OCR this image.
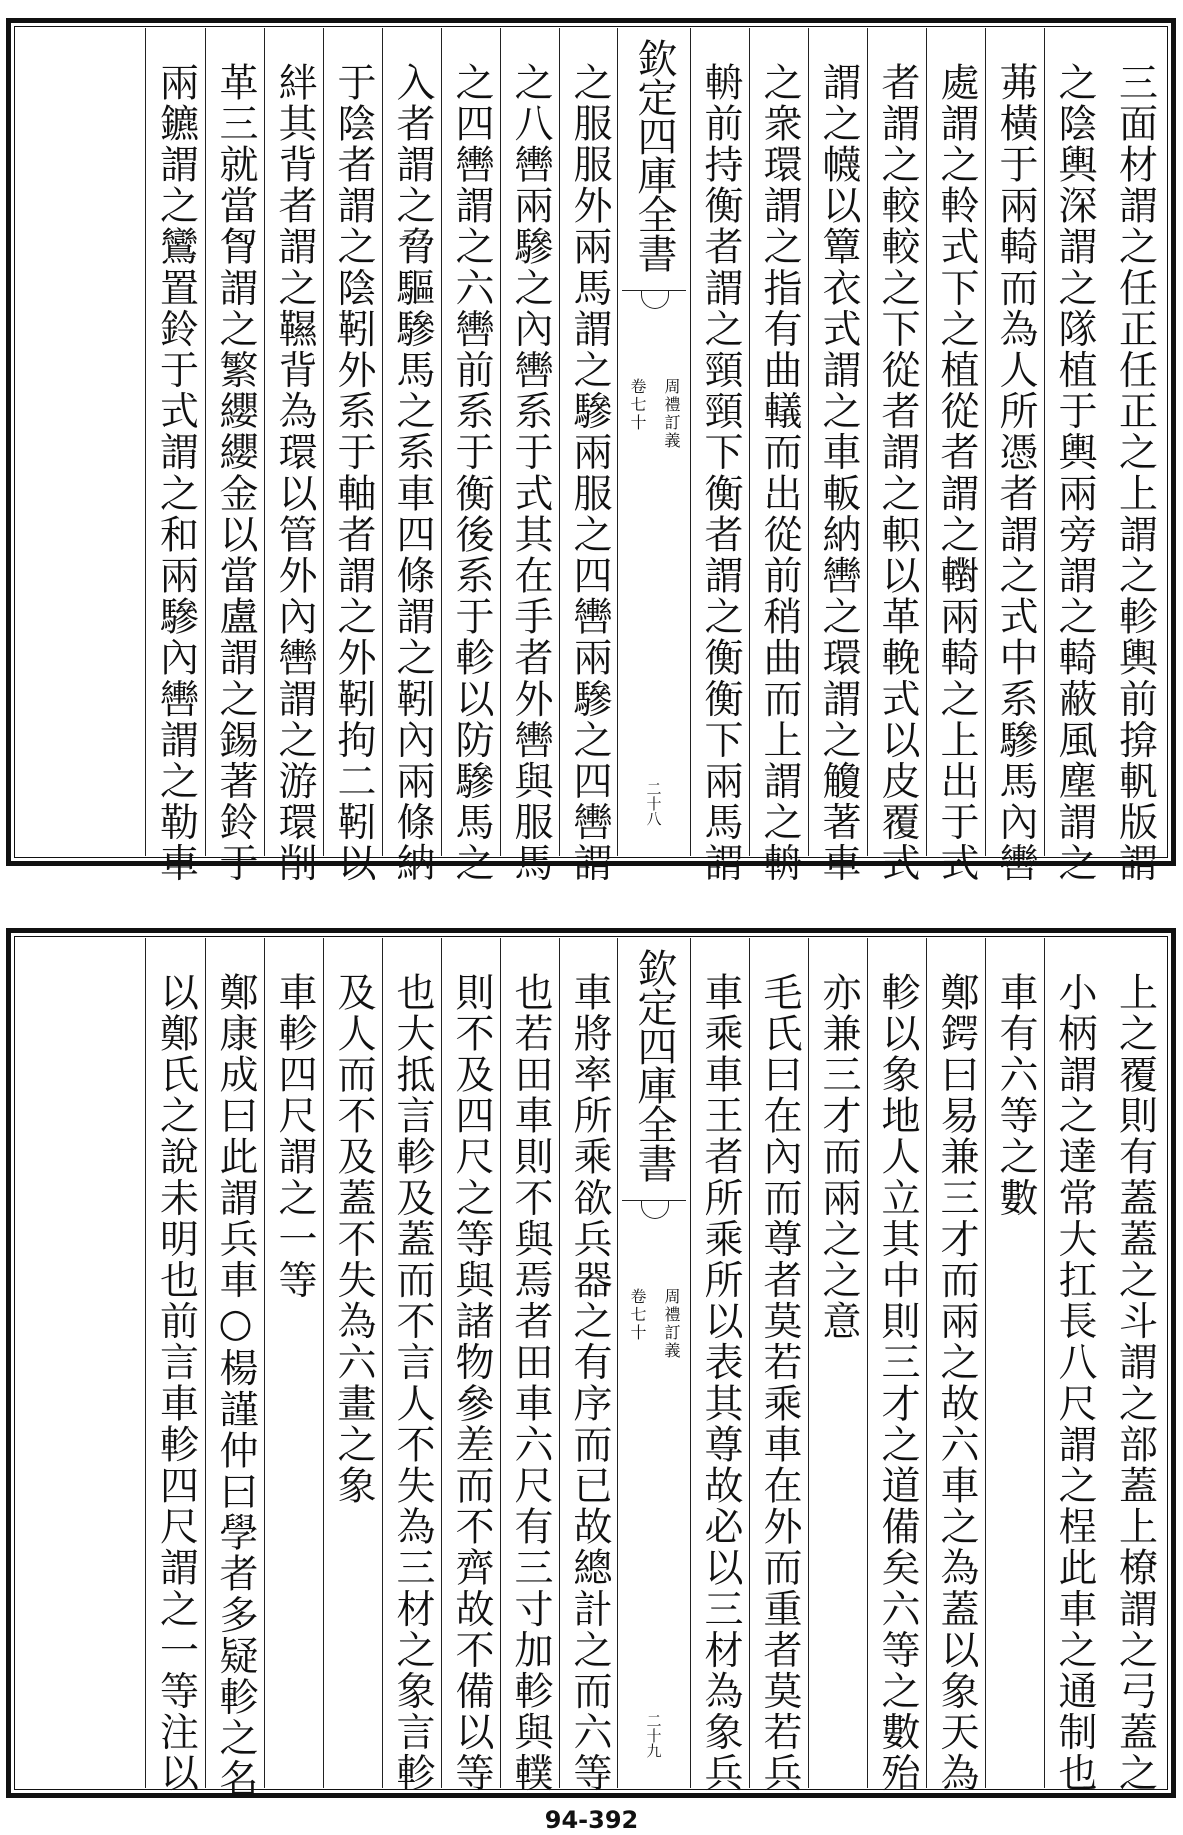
三面材謂之任正任正之上謂之軫輿前揜軓版謂
之陰輿深謂之隊植于輿兩旁謂之輢蔽風塵謂之
茀橫于兩輢而為人所憑者謂之式中系驂馬內轡
處謂之軨式下之植從者謂之轛兩輢之上出于式
者謂之較較之下從者謂之軹以革輓式以皮覆式
謂之幭以簟衣式謂之車䡊納轡之環謂之觼著車
之衆環謂之指有曲轙而出從前稍曲而上謂之輈
輈前持衡者謂之頸頸下衡者謂之衡衡下兩馬謂
欽定四庫全書
周禮訂義
卷七十
二十八
之服服外兩馬謂之驂兩服之四轡兩驂之四轡謂
之八轡兩驂之內轡系于式其在手者外轡與服馬
之四轡謂之六轡前系于衡後系于軫以防驂馬之
入者謂之脅驅驂馬之系車四條謂之靷內兩條納
于陰者謂之陰靷外系于軸者謂之外靷拘二靷以
絆其背者謂之韅背為環以管外內轡謂之游環削
革三就當胷謂之繁纓纓金以當盧謂之錫著鈴于
兩鑣謂之鸞置鈴于式謂之和兩驂內轡謂之勒車
上之覆則有蓋蓋之斗謂之部蓋上橑謂之弓蓋之
小柄謂之達常大扛長八尺謂之桯此車之通制也
車有六等之數
鄭鍔曰易兼三才而兩之故六車之為蓋以象天為
軫以象地人立其中則三才之道備矣六等之數殆
亦兼三才而兩之之意
毛氏曰在內而尊者莫若乘車在外而重者莫若兵
車乘車王者所乘所以表其尊故必以三材為象兵
欽定四庫全書
周禮訂義
卷七十
二十九
車將率所乘欲兵器之有序而已故總計之而六等
也若田車則不與焉者田車六尺有三寸加軫與轐
則不及四尺之等與諸物參差而不齊故不備以等
也大抵言軫及蓋而不言人不失為三材之象言軫
及人而不及蓋不失為六畫之象
車軫四尺謂之一等
鄭康成曰此謂兵車○楊謹仲曰學者多疑軫之名
以鄭氏之說未明也前言車軫四尺謂之一等注以
94-392
